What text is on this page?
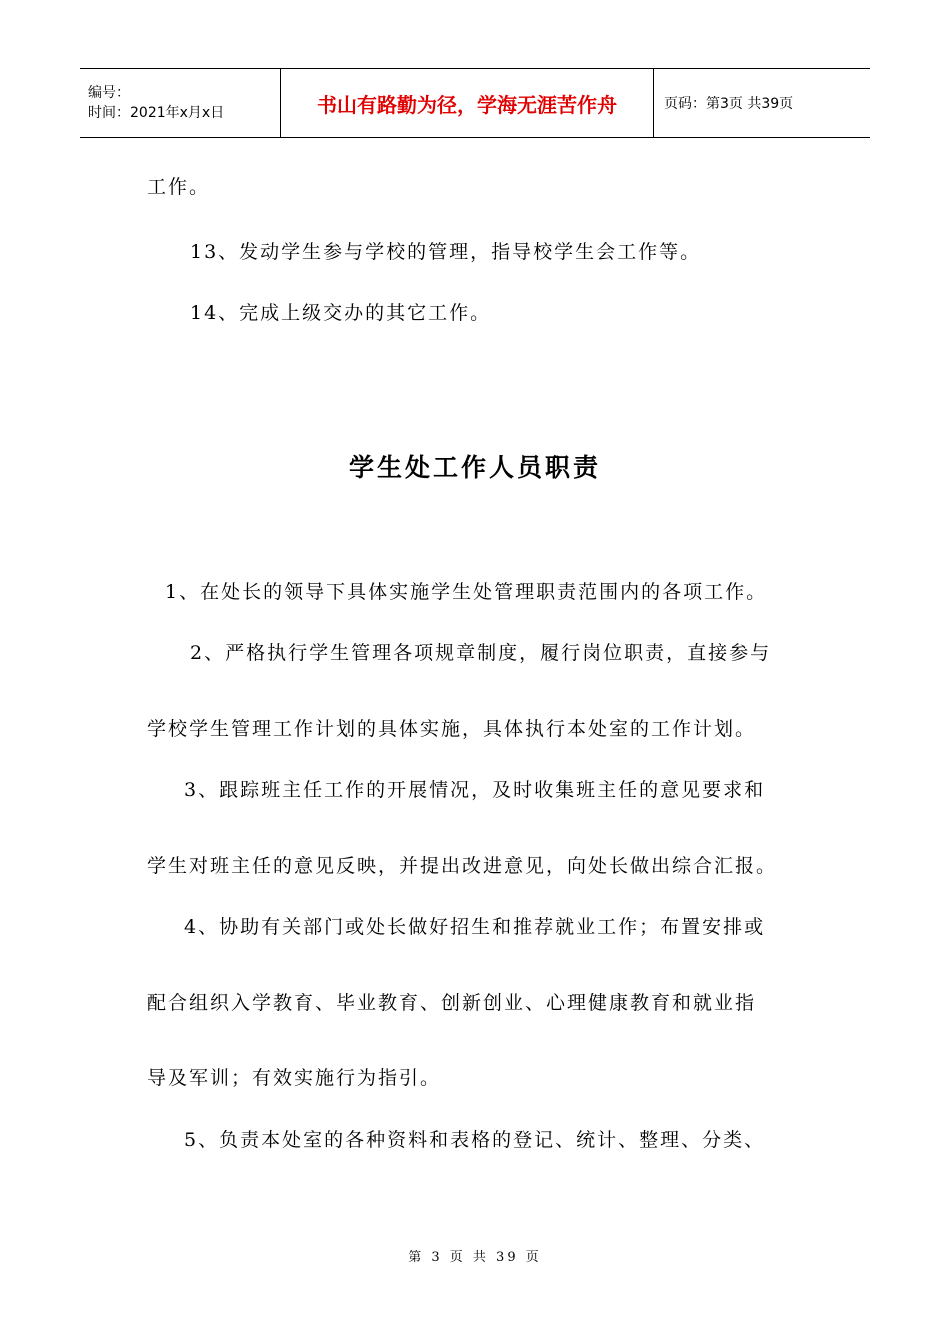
编号：
时间：2021年x月x日	书山有路勤为径，学海无涯苦作舟	页码：第3页 共39页
工作。
13、发动学生参与学校的管理，指导校学生会工作等。
14、完成上级交办的其它工作。
学生处工作人员职责
1、在处长的领导下具体实施学生处管理职责范围内的各项工作。
2、严格执行学生管理各项规章制度，履行岗位职责，直接参与
学校学生管理工作计划的具体实施，具体执行本处室的工作计划。
3、跟踪班主任工作的开展情况，及时收集班主任的意见要求和
学生对班主任的意见反映，并提出改进意见，向处长做出综合汇报。
4、协助有关部门或处长做好招生和推荐就业工作；布置安排或
配合组织入学教育、毕业教育、创新创业、心理健康教育和就业指
导及军训；有效实施行为指引。
5、负责本处室的各种资料和表格的登记、统计、整理、分类、
第 3 页 共 39 页
